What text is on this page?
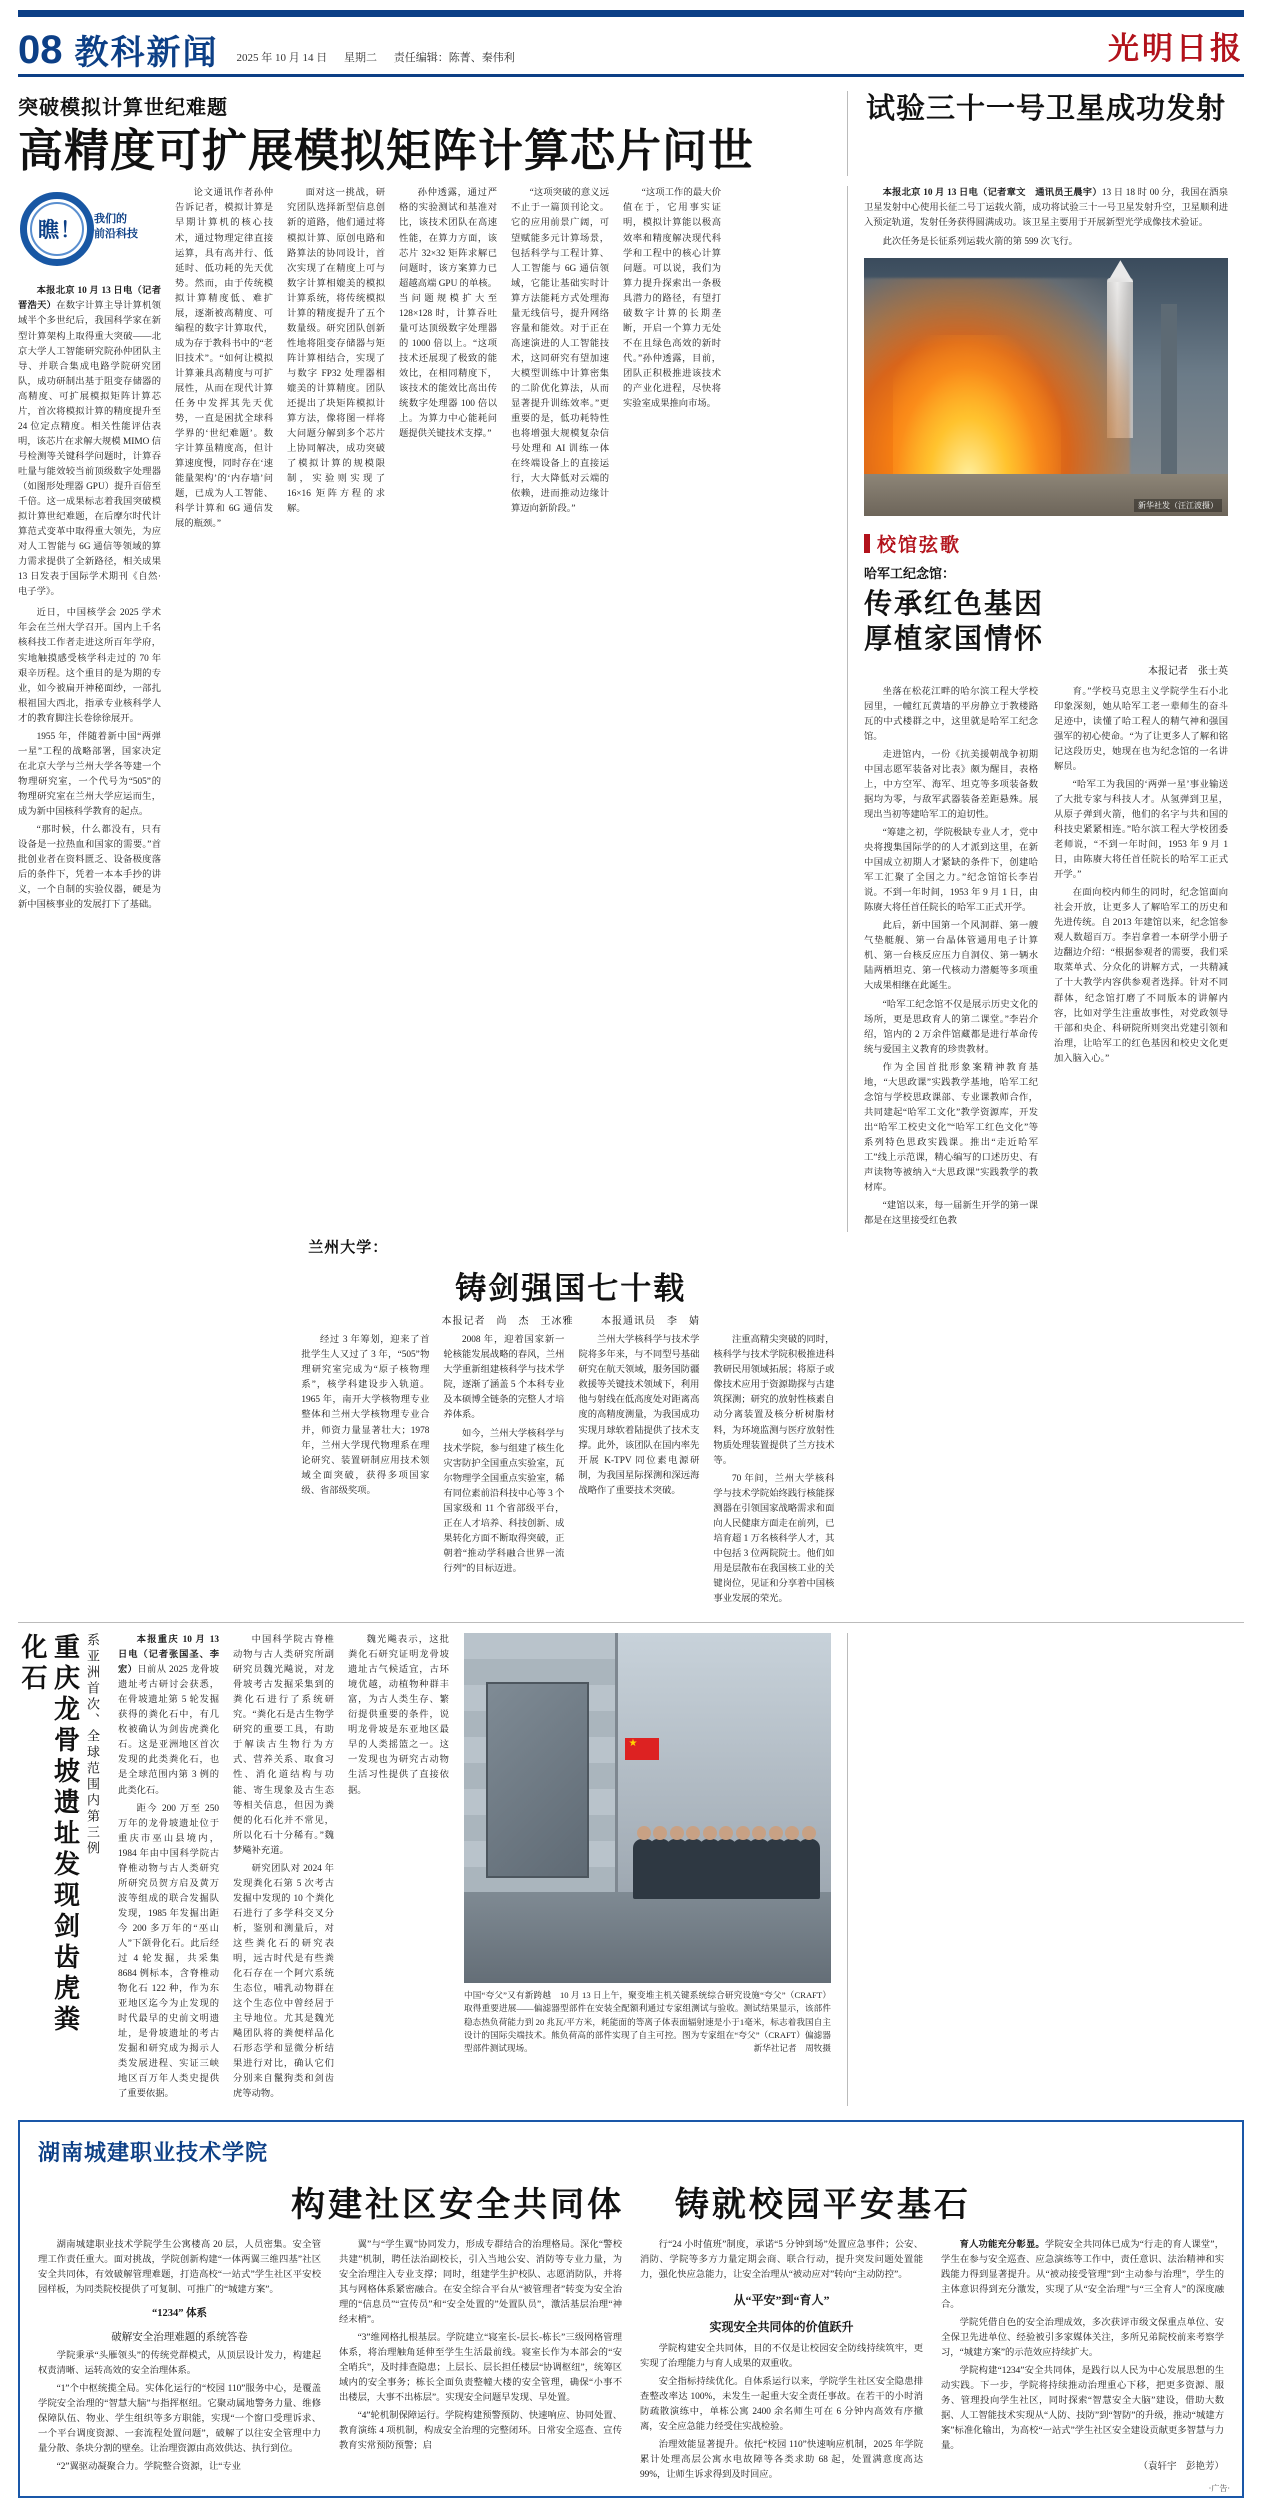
08 教科新闻 2025 年 10 月 14 日 星期二 责任编辑：陈菁、秦伟利	光明日报
突破模拟计算世纪难题
高精度可扩展模拟矩阵计算芯片问世
试验三十一号卫星成功发射
瞧！ 我们的
前沿科技

本报北京 10 月 13 日电（记者晋浩天）在数字计算主导计算机领域半个多世纪后，我国科学家在新型计算架构上取得重大突破——北京大学人工智能研究院孙仲团队主导、并联合集成电路学院研究团队，成功研制出基于阻变存储器的高精度、可扩展模拟矩阵计算芯片，首次将模拟计算的精度提升至 24 位定点精度。相关性能评估表明，该芯片在求解大规模 MIMO 信号检测等关键科学问题时，计算吞吐量与能效较当前顶级数字处理器（如图形处理器 GPU）提升百倍至千倍。这一成果标志着我国突破模拟计算世纪难题，在后摩尔时代计算范式变革中取得重大领先，为应对人工智能与 6G 通信等领域的算力需求提供了全新路径，相关成果 13 日发表于国际学术期刊《自然·电子学》。

近日，中国核学会 2025 学术年会在兰州大学召开。国内上千名核科技工作者走进这所百年学府，实地触摸感受核学科走过的 70 年艰辛历程。这个重目的是为期的专业，如今被扁开神秘面纱，一部扎根祖国大西北，指承专业核科学人才的教育脚注长卷徐徐展开。

1955 年，伴随着新中国“两弹一星”工程的战略部署，国家决定在北京大学与兰州大学各等建一个物理研究室，一个代号为“505”的物理研究室在兰州大学应运而生，成为新中国核科学教育的起点。

“那时候，什么都没有，只有设备是一拉热血和国家的需要。”首批创业者在资料匮乏、设备极度落后的条件下，凭着一本本手抄的讲义，一个自制的实验仪器，硬是为新中国核事业的发展打下了基础。

论文通讯作者孙仲告诉记者，模拟计算是早期计算机的核心技术，通过物理定律直接运算，具有高并行、低延时、低功耗的先天优势。然而，由于传统模拟计算精度低、难扩展，逐渐被高精度、可编程的数字计算取代，成为存于教科书中的“老旧技术”。“如何让模拟计算兼具高精度与可扩展性，从而在现代计算任务中发挥其先天优势，一直是困扰全球科学界的‘世纪难题’。数字计算虽精度高，但计算速度慢，同时存在‘速能量架构’的‘内存墙’问题，已成为人工智能、科学计算和 6G 通信发展的瓶颈。”

面对这一挑战，研究团队选择新型信息创新的道路，他们通过将模拟计算、原创电路和路算法的协同设计，首次实现了在精度上可与数字计算相媲美的模拟计算系统，将传统模拟计算的精度提升了五个数量级。研究团队创新性地将阻变存储器与矩阵计算相结合，实现了与数字 FP32 处理器相媲美的计算精度。团队还提出了块矩阵模拟计算方法，像将图一样将大问题分解到多个芯片上协同解决，成功突破了模拟计算的规模限制，实验则实现了 16×16 矩阵方程的求解。

孙仲透露，通过严格的实验测试和基准对比，该技术团队在高速性能，在算力方面，该芯片 32×32 矩阵求解已问题时，该方案算力已超越高端 GPU 的单核。当问题规模扩大至 128×128 时，计算吞吐量可达顶级数字处理器的 1000 倍以上。“这项技术还展现了极致的能效比，在相同精度下，该技术的能效比高出传统数字处理器 100 倍以上。为算力中心能耗问题提供关键技术支撑。”

“这项突破的意义远不止于一篇顶刊论文。它的应用前景广阔，可望赋能多元计算场景，包括科学与工程计算、人工智能与 6G 通信领域，它能让基础实时计算方法能耗方式处理海量无线信号，提升网络容量和能效。对于正在高速演进的人工智能技术，这同研究有望加速大模型训练中计算密集的二阶优化算法，从而显著提升训练效率。”更重要的是，低功耗特性也将增强大规模复杂信号处理和 AI 训练一体在终端设备上的直接运行，大大降低对云端的依赖，进而推动边缘计算迈向新阶段。”

“这项工作的最大价值在于，它用事实证明，模拟计算能以极高效率和精度解决现代科学和工程中的核心计算问题。可以说，我们为算力提升探索出一条极具潜力的路径，有望打破数字计算的长期垄断，开启一个算力无处不在且绿色高效的新时代。”孙仲透露，目前，团队正积极推进该技术的产业化进程，尽快将实验室成果推向市场。

本报北京 10 月 13 日电（记者章文　通讯员王晨宇）13 日 18 时 00 分，我国在酒泉卫星发射中心使用长征二号丁运载火箭，成功将试验三十一号卫星发射升空，卫星顺利进入预定轨道，发射任务获得圆满成功。该卫星主要用于开展新型光学成像技术验证。

此次任务是长征系列运载火箭的第 599 次飞行。

新华社发（汪江波摄）
校馆弦歌
哈军工纪念馆：
传承红色基因
厚植家国情怀
本报记者　张士英

坐落在松花江畔的哈尔滨工程大学校园里，一幢红瓦黄墙的平房静立于教楼路瓦的中式楼群之中，这里就是哈军工纪念馆。

走进馆内，一份《抗美援朝战争初期中国志愿军装备对比表》颇为醒目，表格上，中方空军、海军、坦克等多项装备数据均为零，与敌军武器装备差距悬殊。展现出当初等建哈军工的迫切性。

“筹建之初，学院极缺专业人才，党中央将搜集国际学的的人才派到这里，在新中国成立初期人才紧缺的条件下，创建哈军工汇聚了全国之力。”纪念馆馆长李岩说。不到一年时间，1953 年 9 月 1 日，由陈赓大将任首任院长的哈军工正式开学。

此后，新中国第一个风洞群、第一艘气垫艇舰、第一台晶体管通用电子计算机、第一台核反应压力自洞仪、第一辆水陆两栖坦克、第一代核动力潜艇等多项重大成果相继在此诞生。

“哈军工纪念馆不仅是展示历史文化的场所，更是思政育人的第二课堂。”李岩介绍，馆内的 2 万余件馆藏都是进行革命传统与爱国主义教育的珍贵教材。

作为全国首批形象案精神教育基地，“大思政课”实践教学基地，哈军工纪念馆与学校思政课部、专业课教师合作，共同建起“哈军工文化”教学资源库，开发出“哈军工校史文化”“哈军工红色文化”等系列特色思政实践课。推出“走近哈军工”线上示范课，精心编写的口述历史、有声读物等被纳入“大思政课”实践教学的教材库。

“建馆以来，每一届新生开学的第一课都是在这里接受红色教

育。”学校马克思主义学院学生石小北印象深刻，她从哈军工老一辈师生的奋斗足迹中，读懂了哈工程人的精气神和强国强军的初心使命。“为了让更多人了解和铭记这段历史，她现在也为纪念馆的一名讲解员。

“哈军工为我国的‘两弹一星’事业输送了大批专家与科技人才。从氢弹到卫星，从原子弹到火箭，他们的名字与共和国的科技史紧紧相连。”哈尔滨工程大学校团委老师说，“不到一年时间，1953 年 9 月 1 日，由陈赓大将任首任院长的哈军工正式开学。”

在面向校内师生的同时，纪念馆面向社会开放，让更多人了解哈军工的历史和先进传统。自 2013 年建馆以来，纪念馆参观人数超百万。李岩拿着一本研学小册子边翻边介绍：“根据参观者的需要，我们采取菜单式、分众化的讲解方式，一共精减了十大教学内容供参观者选择。针对不同群体，纪念馆打磨了不同版本的讲解内容，比如对学生注重故事性，对党政领导干部和央企、科研院所则突出党建引领和治理，让哈军工的红色基因和校史文化更加入脑入心。”

兰州大学：
铸剑强国七十载
本报记者　尚　杰　王冰雅	本报通讯员　李　婧

经过 3 年筹划，迎来了首批学生人又过了 3 年，“505”物理研究室完成为“原子核物理系”，核学科建设步入轨道。1965 年，南开大学核物理专业整体和兰州大学核物理专业合并，师资力量显著壮大；1978 年，兰州大学现代物理系在理论研究、装置研制应用技术领域全面突破，获得多项国家级、省部级奖项。

2008 年，迎着国家新一轮核能发展战略的春风，兰州大学重新组建核科学与技术学院，逐渐了涵盖 5 个本科专业及本硕博全链条的完整人才培养体系。

如今，兰州大学核科学与技术学院，参与组建了核生化灾害防护全国重点实验室，瓦尔物理学全国重点实验室，稀有同位素前沿科技中心等 3 个国家级和 11 个省部级平台，正在人才培养、科技创新、成果转化方面不断取得突破，正朝着“推动学科融合世界一流行列”的目标迈进。

兰州大学核科学与技术学院将多年来，与不同型号基础研究在航天领域，服务国防疆救援等关键技术领域下，利用他与射线在低高度处对距离高度的高精度测量，为我国成功实现月球软着陆提供了技术支撑。此外，该团队在国内率先开展 K-TPV 同位素电源研制，为我国星际探测和深远海战略作了重要技术突破。

注重高精尖突破的同时，核科学与技术学院积极推进科教研民用领域拓展；将原子或像技术应用于资源勘探与古建筑探测；研究的放射性核素自动分离装置及核分析树脂材料，为环境监测与医疗放射性物质处理装置提供了兰方技术等。

70 年间，兰州大学核科学与技术学院始终践行核能探测器在引领国家战略需求和面向人民健康方面走在前列，已培育超 1 万名核科学人才，其中包括 3 位两院院士。他们如用是层散布在我国核工业的关键岗位，见证和分享着中国核事业发展的荣光。

重庆龙骨坡遗址发现剑齿虎粪化石	系亚洲首次、全球范围内第三例	本报重庆 10 月 13 日电（记者张国圣、李宏）日前从 2025 龙骨坡遗址考古研讨会获悉，在骨坡遗址第 5 轮发掘获得的粪化石中，有几枚被确认为剑齿虎粪化石。这是亚洲地区首次发现的此类粪化石，也是全球范围内第 3 例的此类化石。

距今 200 万至 250 万年的龙骨坡遗址位于重庆市巫山县境内，1984 年由中国科学院古脊椎动物与古人类研究所研究员贺方启及黄万波等组成的联合发掘队发现，1985 年发掘出距今 200 多万年的“巫山人”下颌骨化石。此后经过 4 轮发掘，共采集 8684 例标本，含脊椎动物化石 122 种，作为东亚地区迄今为止发现的时代最早的史前文明遗址，是骨坡遗址的考古发掘和研究成为揭示人类发展进程、实证三峡地区百万年人类史提供了重要依据。

中国科学院古脊椎动物与古人类研究所副研究员魏光飚说，对龙骨坡考古发掘采集到的粪化石进行了系统研究。“粪化石是古生物学研究的重要工具，有助于解读古生物行为方式、营养关系、取食习性、消化道结构与功能、寄生现象及古生态等相关信息，但因为粪便的化石化并不常见，所以化石十分稀有。”魏梦飚补充道。

研究团队对 2024 年发现粪化石第 5 次考古发掘中发现的 10 个粪化石进行了多学科交叉分析，鉴别和测量后，对这些粪化石的研究表明，远古时代是有些粪化石存在一个阿穴系统生态位，哺乳动物群在这个生态位中曾经居于主导地位。尤其是魏光飚团队将的粪便样品化石形态学和显微分析结果进行对比，确认它们分别来自鬣狗类和剑齿虎等动物。

魏光飚表示，这批粪化石研究证明龙骨坡遗址古气候适宜，古环境优越，动植物种群丰富，为古人类生存、繁衍提供重要的条件，说明龙骨坡是东亚地区最早的人类摇篮之一。这一发现也为研究古动物生活习性提供了直接依据。

★
中国“夸父”又有新跨越　10 月 13 日上午，聚变堆主机关键系统综合研究设施“夸父”（CRAFT）取得重要进展——偏滤器型部件在安装全配额利通过专家组测试与验收。测试结果显示，该部件稳态热负荷能力到 20 兆瓦/平方米，耗能面的等离子体表面辐射速是小于1毫米，标志着我国自主设计的国际尖端技术。熊负荷高的部件实现了自主可控。图为专家组在“夸父”（CRAFT）偏滤器型部件测试现场。	新华社记者　周牧摄
湖南城建职业技术学院
构建社区安全共同体 铸就校园平安基石

湖南城建职业技术学院学生公寓楼高 20 层，人员密集。安全管理工作责任重大。面对挑战，学院创新构建“一体两翼三维四基”社区安全共同体，有效破解管理难题，打造高校“一站式”学生社区平安校园样板，为同类院校提供了可复制、可推广的“城建方案”。

“1234” 体系
破解安全治理难题的系统答卷

学院秉承“头雁领头”的传统党群模式，从顶层设计发力，构建起权责清晰、运转高效的安全治理体系。

“1”个中枢统揽全局。实体化运行的“校园 110”服务中心，是覆盖学院安全治理的“智慧大脑”与指挥枢纽。它聚动属地警务力量、维修保障队伍、物业、学生组织等多方职能，实现“一个窗口受理诉求、一个平台调度资源、一套流程处置问题”，破解了以往安全管理中力量分散、条块分割的壁垒。让治理资源由高效供达、执行到位。

“2”翼驱动凝聚合力。学院整合资源，让“专业

翼”与“学生翼”协同发力，形成专群结合的治理格局。深化“警校共建”机制，聘任法治副校长，引入当地公安、消防等专业力量，为安全治理注入专业支撑；同时，组建学生护校队、志愿消防队，并将其与网格体系紧密融合。在安全综合平台从“被管理者”转变为安全治理的“信息员”“宣传员”和“安全处置的”处置队员”，激活基层治理“神经末梢”。

“3”维网格扎根基层。学院建立“寝室长-层长-栋长”三级网格管理体系，将治理触角延伸至学生生活最前线。寝室长作为本部会的“安全哨兵”，及时排查隐患；上层长、层长担任楼层“协调枢纽”，统筹区域内的安全事务；栋长全面负责整幢大楼的安全管理，确保“小事不出楼层，大事不出栋层”。实现安全问题早发现、早处置。

“4”轮机制保障运行。学院构建预警预防、快速响应、协同处置、教育演练 4 项机制，构成安全治理的完整闭环。日常安全巡查、宣传教育实常预防预警；启

行“24 小时值班”制度，承诺“5 分钟到场”处置应急事件；公安、消防、学院等多方力量定期会商、联合行动，提升突发问题处置能力，强化快应急能力，让安全治理从“被动应对”转向“主动防控”。

从“平安”到“育人”
实现安全共同体的价值跃升

学院构建安全共同体，目的不仅是让校园安全防线持续筑牢，更实现了治理能力与育人成果的双重收。

安全指标持续优化。自体系运行以来，学院学生社区安全隐患排查整改率达 100%，未发生一起重大安全责任事故。在若干的小时消防疏散演练中，单栋公寓 2400 余名师生可在 6 分钟内高效有序撤离，安全应急能力经受住实战检验。

治理效能显著提升。依托“校园 110”快速响应机制，2025 年学院累计处理高层公寓水电故障等各类求助 68 起，处置满意度高达 99%，让师生诉求得到及时回应。

育人功能充分彰显。学院安全共同体已成为“行走的育人课堂”，学生在参与安全巡查、应急演练等工作中，责任意识、法治精神和实践能力得到显著提升。从“被动接受管理”到“主动参与治理”，学生的主体意识得到充分激发，实现了从“安全治理”与“三全育人”的深度融合。

学院凭借自色的安全治理成效，多次获评市级文保重点单位、安全保卫先进单位、经验被引多家媒体关注，多所兄弟院校前来考察学习，“城建方案”的示范效应持续扩大。

学院构建“1234”安全共同体，是践行以人民为中心发展思想的生动实践。下一步，学院将持续推动治理重心下移，把更多资源、服务、管理投向学生社区，同时探索“智慧安全大脑”建设，借助大数据、人工智能技术实现从“人防、技防”到“智防”的升级，推动“城建方案”标准化输出，为高校“一站式”学生社区安全建设贡献更多智慧与力量。

（袁轩宇　彭艳芳）
·广告·
